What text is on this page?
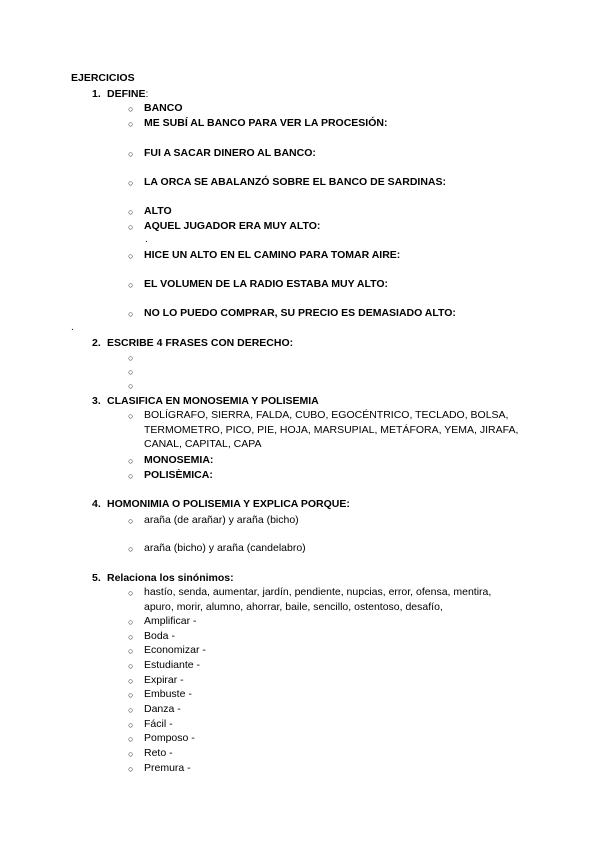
EJERCICIOS
1. DEFINE:
○ BANCO
○ ME SUBÍ AL BANCO PARA VER LA PROCESIÓN:
○ FUI A SACAR DINERO AL BANCO:
○ LA ORCA SE ABALANZÓ SOBRE EL BANCO DE SARDINAS:
○ ALTO
○ AQUEL JUGADOR ERA MUY ALTO:
.
○ HICE UN ALTO EN EL CAMINO PARA TOMAR AIRE:
○ EL VOLUMEN DE LA RADIO ESTABA MUY ALTO:
○ NO LO PUEDO COMPRAR, SU PRECIO ES DEMASIADO ALTO:
.
2. ESCRIBE 4 FRASES CON DERECHO:
○
○
○
3. CLASIFICA EN MONOSEMIA Y POLISEMIA
○ BOLÍGRAFO, SIERRA, FALDA, CUBO, EGOCÉNTRICO, TECLADO, BOLSA, TERMOMETRO, PICO, PIE, HOJA, MARSUPIAL, METÁFORA, YEMA, JIRAFA, CANAL, CAPITAL, CAPA
○ MONOSEMIA:
○ POLISÈMICA:
4. HOMONIMIA O POLISEMIA Y EXPLICA PORQUE:
○ araña (de arañar) y araña (bicho)
○ araña (bicho) y araña (candelabro)
5. Relaciona los sinónimos:
○ hastío, senda, aumentar, jardín, pendiente, nupcias, error, ofensa, mentira, apuro, morir, alumno, ahorrar, baile, sencillo, ostentoso, desafío,
○ Amplificar -
○ Boda -
○ Economizar -
○ Estudiante -
○ Expirar -
○ Embuste -
○ Danza -
○ Fácil -
○ Pomposo -
○ Reto -
○ Premura -
